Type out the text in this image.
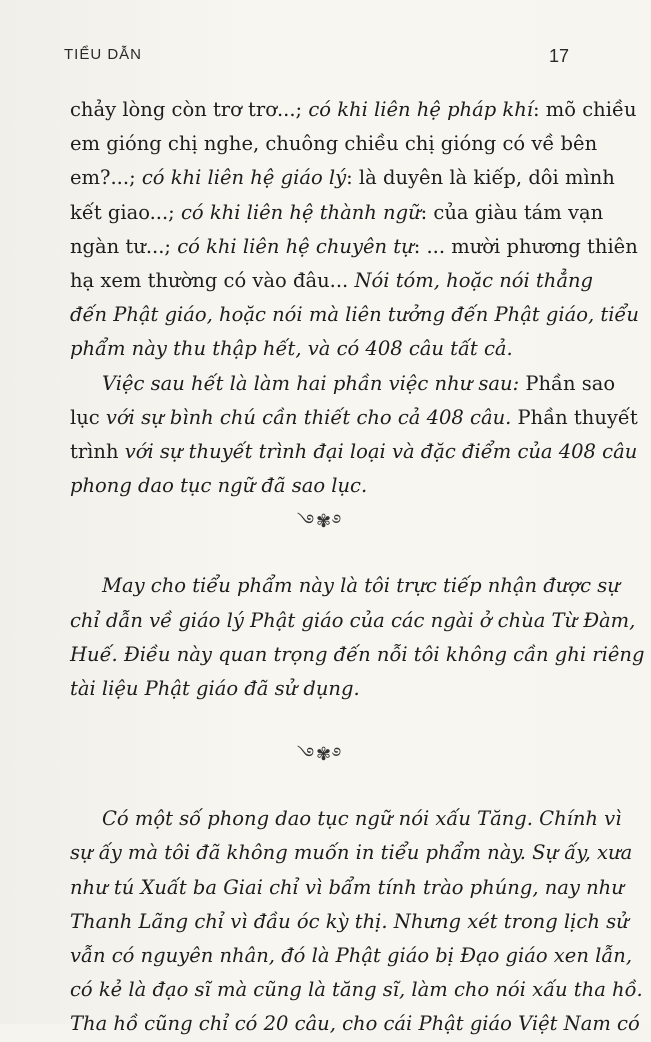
TIỂU DẪN	17
chảy lòng còn trơ trơ...; có khi liên hệ pháp khí: mõ chiều
em gióng chị nghe, chuông chiều chị gióng có về bên
em?...; có khi liên hệ giáo lý: là duyên là kiếp, dôi mình
kết giao...; có khi liên hệ thành ngữ: của giàu tám vạn
ngàn tư...; có khi liên hệ chuyên tự: ... mười phương thiên
hạ xem thường có vào đâu... Nói tóm, hoặc nói thẳng
đến Phật giáo, hoặc nói mà liên tưởng đến Phật giáo, tiểu
phẩm này thu thập hết, và có 408 câu tất cả.
Việc sau hết là làm hai phần việc như sau: Phần sao
lục với sự bình chú cần thiết cho cả 408 câu. Phần thuyết
trình với sự thuyết trình đại loại và đặc điểm của 408 câu
phong dao tục ngữ đã sao lục.
࿓✾࿔
May cho tiểu phẩm này là tôi trực tiếp nhận được sự
chỉ dẫn về giáo lý Phật giáo của các ngài ở chùa Từ Đàm,
Huế. Điều này quan trọng đến nỗi tôi không cần ghi riêng
tài liệu Phật giáo đã sử dụng.
࿓✾࿔
Có một số phong dao tục ngữ nói xấu Tăng. Chính vì
sự ấy mà tôi đã không muốn in tiểu phẩm này. Sự ấy, xưa
như tú Xuất ba Giai chỉ vì bẩm tính trào phúng, nay như
Thanh Lãng chỉ vì đầu óc kỳ thị. Nhưng xét trong lịch sử
vẫn có nguyên nhân, đó là Phật giáo bị Đạo giáo xen lẫn,
có kẻ là đạo sĩ mà cũng là tăng sĩ, làm cho nói xấu tha hồ.
Tha hồ cũng chỉ có 20 câu, cho cái Phật giáo Việt Nam có
